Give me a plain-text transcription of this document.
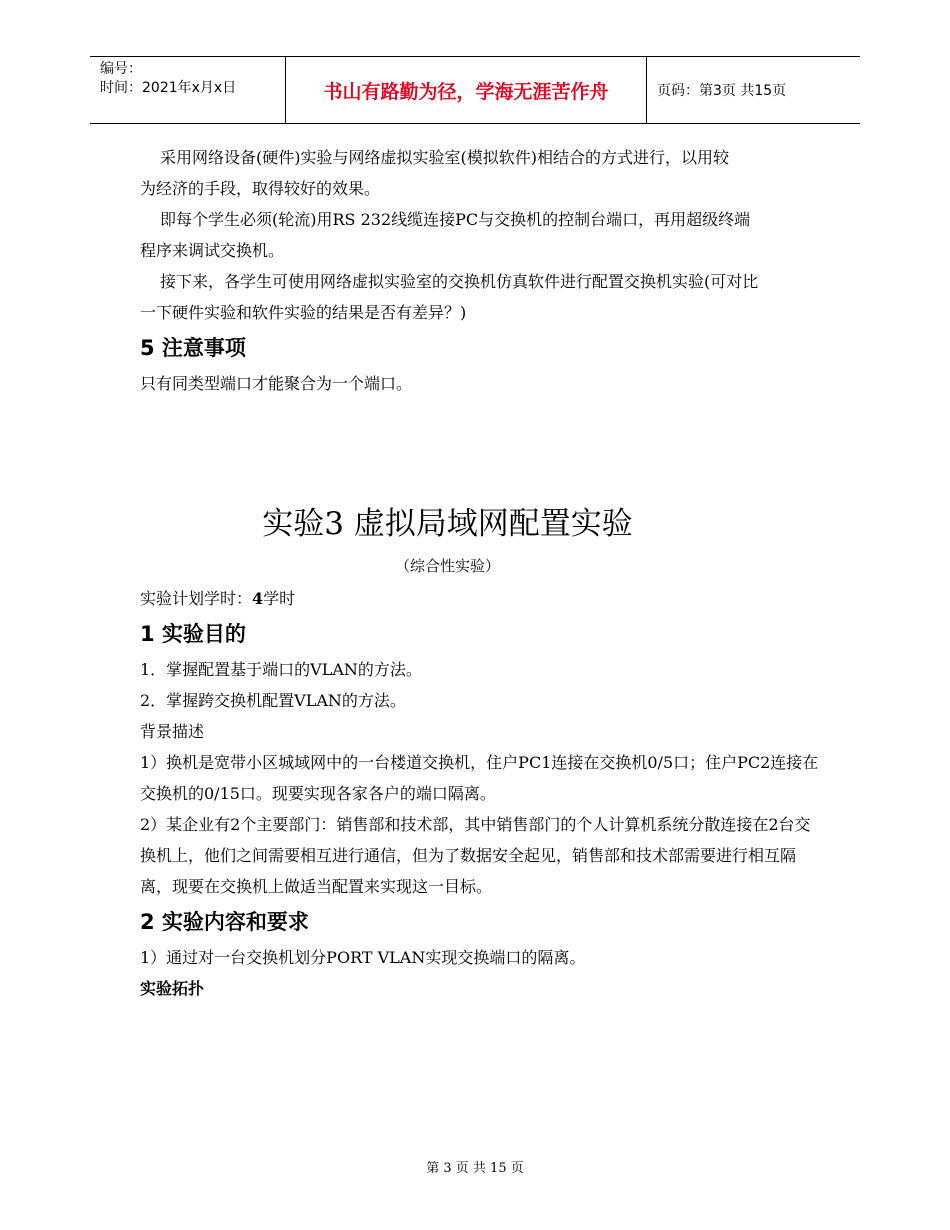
编号：
时间：2021年x月x日	书山有路勤为径，学海无涯苦作舟	页码：第3页 共15页

采用网络设备(硬件)实验与网络虚拟实验室(模拟软件)相结合的方式进行，以用较为经济的手段，取得较好的效果。

即每个学生必须(轮流)用RS 232线缆连接PC与交换机的控制台端口，再用超级终端程序来调试交换机。

接下来，各学生可使用网络虚拟实验室的交换机仿真软件进行配置交换机实验(可对比一下硬件实验和软件实验的结果是否有差异？)

5 注意事项

只有同类型端口才能聚合为一个端口。

实验3 虚拟局域网配置实验
（综合性实验）

实验计划学时：4学时

1 实验目的

1．掌握配置基于端口的VLAN的方法。

2．掌握跨交换机配置VLAN的方法。

背景描述

1）换机是宽带小区城域网中的一台楼道交换机，住户PC1连接在交换机0/5口；住户PC2连接在交换机的0/15口。现要实现各家各户的端口隔离。

2）某企业有2个主要部门：销售部和技术部，其中销售部门的个人计算机系统分散连接在2台交换机上，他们之间需要相互进行通信，但为了数据安全起见，销售部和技术部需要进行相互隔离，现要在交换机上做适当配置来实现这一目标。

2 实验内容和要求

1）通过对一台交换机划分PORT VLAN实现交换端口的隔离。

实验拓扑

第 3 页 共 15 页
